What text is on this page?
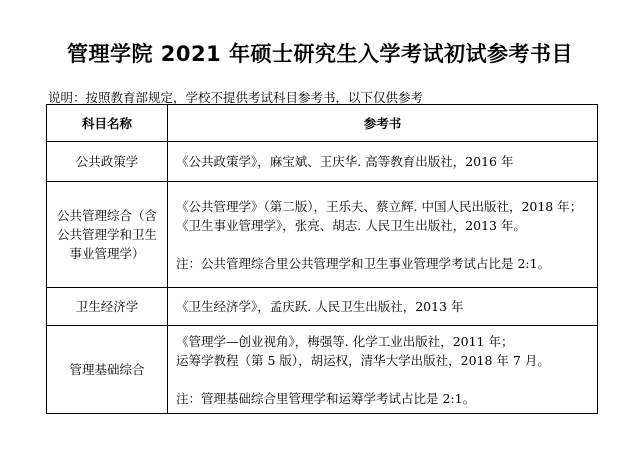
管理学院 2021 年硕士研究生入学考试初试参考书目
说明：按照教育部规定，学校不提供考试科目参考书，以下仅供参考
科目名称	参考书
公共政策学	《公共政策学》，麻宝斌、王庆华. 高等教育出版社，2016 年

公共管理综合（含公共管理学和卫生事业管理学）	《公共管理学》（第二版），王乐夫、蔡立辉. 中国人民出版社，2018 年；
《卫生事业管理学》，张亮、胡志. 人民卫生出版社，2013 年。
注：公共管理综合里公共管理学和卫生事业管理学考试占比是 2:1。

卫生经济学	《卫生经济学》，孟庆跃. 人民卫生出版社，2013 年

管理基础综合	《管理学—创业视角》，梅强等. 化学工业出版社，2011 年；
运筹学教程（第 5 版），胡运权，清华大学出版社，2018 年 7 月。
注：管理基础综合里管理学和运筹学考试占比是 2:1。
